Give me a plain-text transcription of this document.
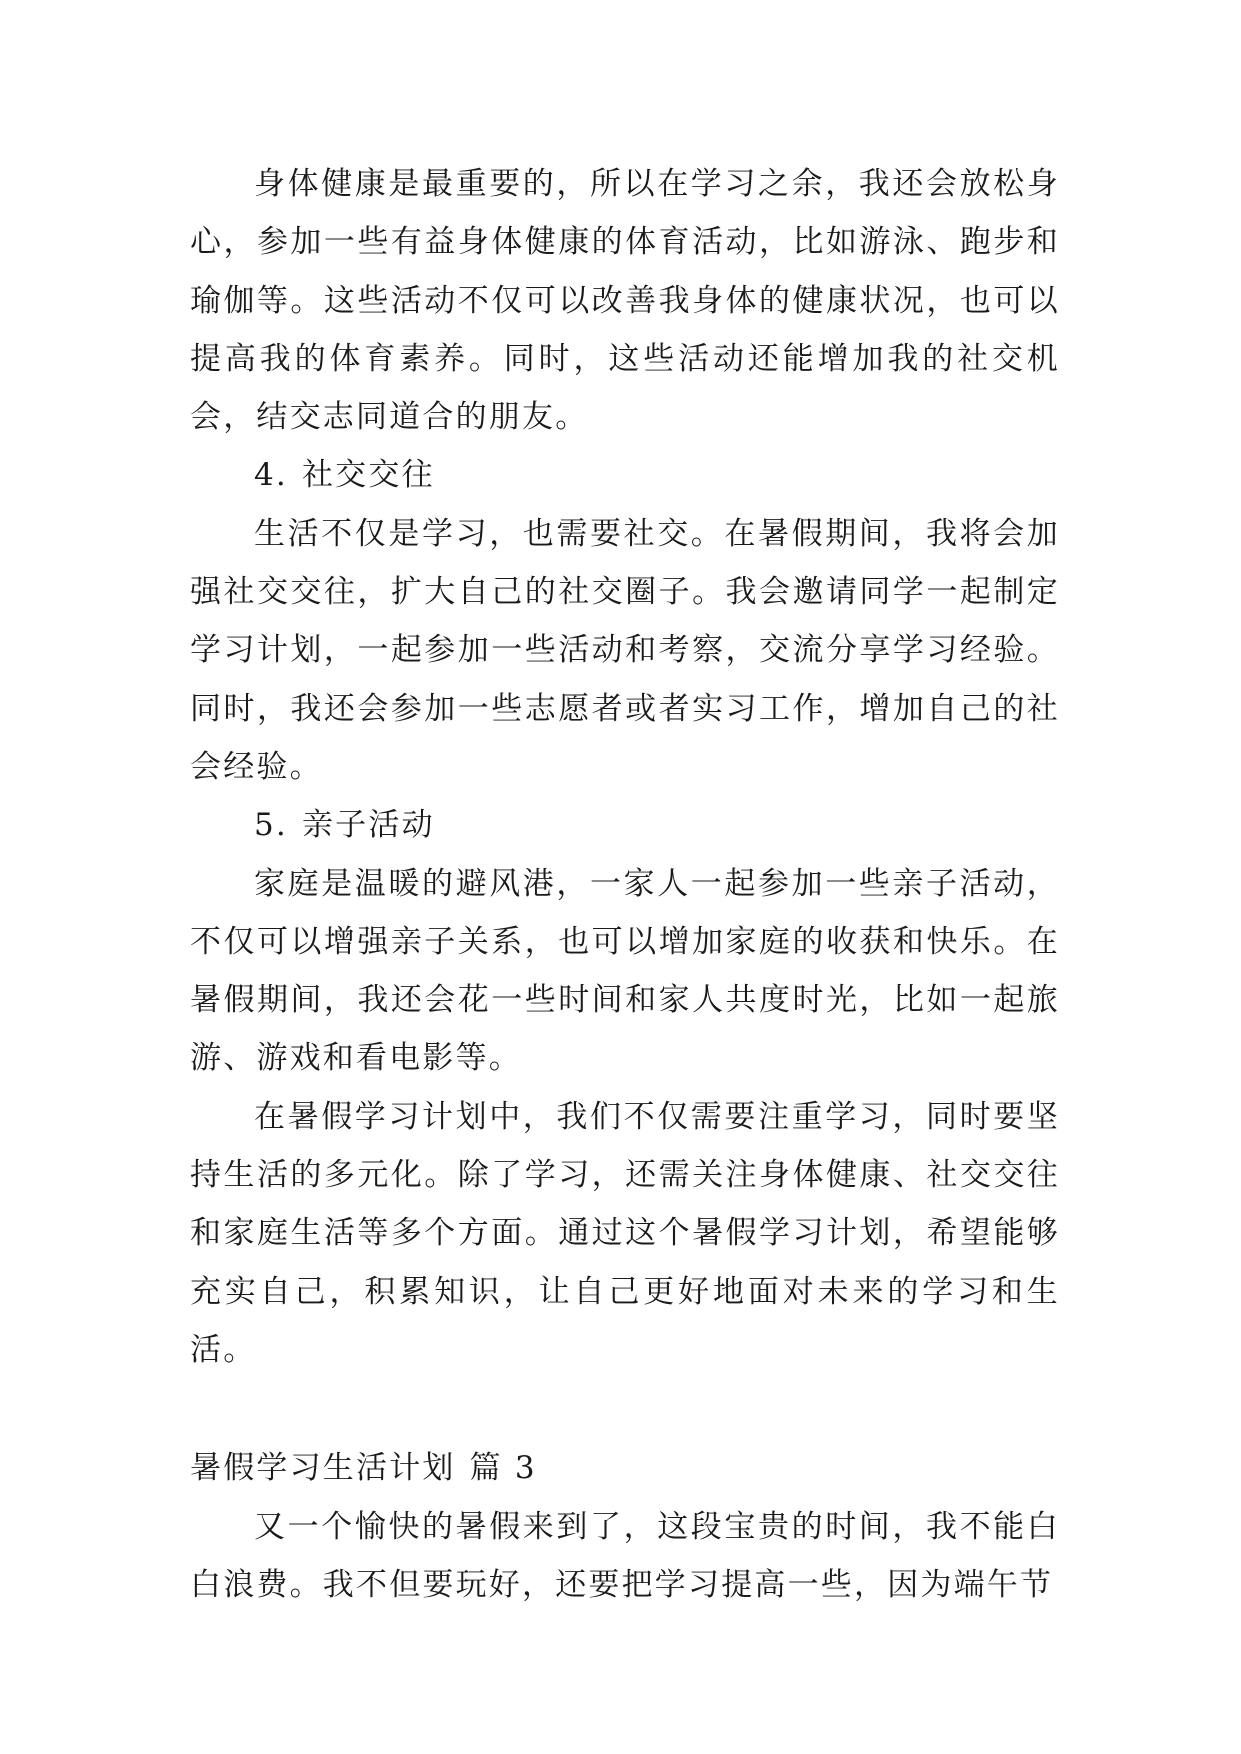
身体健康是最重要的，所以在学习之余，我还会放松身心，参加一些有益身体健康的体育活动，比如游泳、跑步和瑜伽等。这些活动不仅可以改善我身体的健康状况，也可以提高我的体育素养。同时，这些活动还能增加我的社交机会，结交志同道合的朋友。

4. 社交交往

生活不仅是学习，也需要社交。在暑假期间，我将会加强社交交往，扩大自己的社交圈子。我会邀请同学一起制定学习计划，一起参加一些活动和考察，交流分享学习经验。同时，我还会参加一些志愿者或者实习工作，增加自己的社会经验。

5. 亲子活动

家庭是温暖的避风港，一家人一起参加一些亲子活动，不仅可以增强亲子关系，也可以增加家庭的收获和快乐。在暑假期间，我还会花一些时间和家人共度时光，比如一起旅游、游戏和看电影等。

在暑假学习计划中，我们不仅需要注重学习，同时要坚持生活的多元化。除了学习，还需关注身体健康、社交交往和家庭生活等多个方面。通过这个暑假学习计划，希望能够充实自己，积累知识，让自己更好地面对未来的学习和生活。

暑假学习生活计划 篇 3

又一个愉快的暑假来到了，这段宝贵的时间，我不能白白浪费。我不但要玩好，还要把学习提高一些，因为端午节
